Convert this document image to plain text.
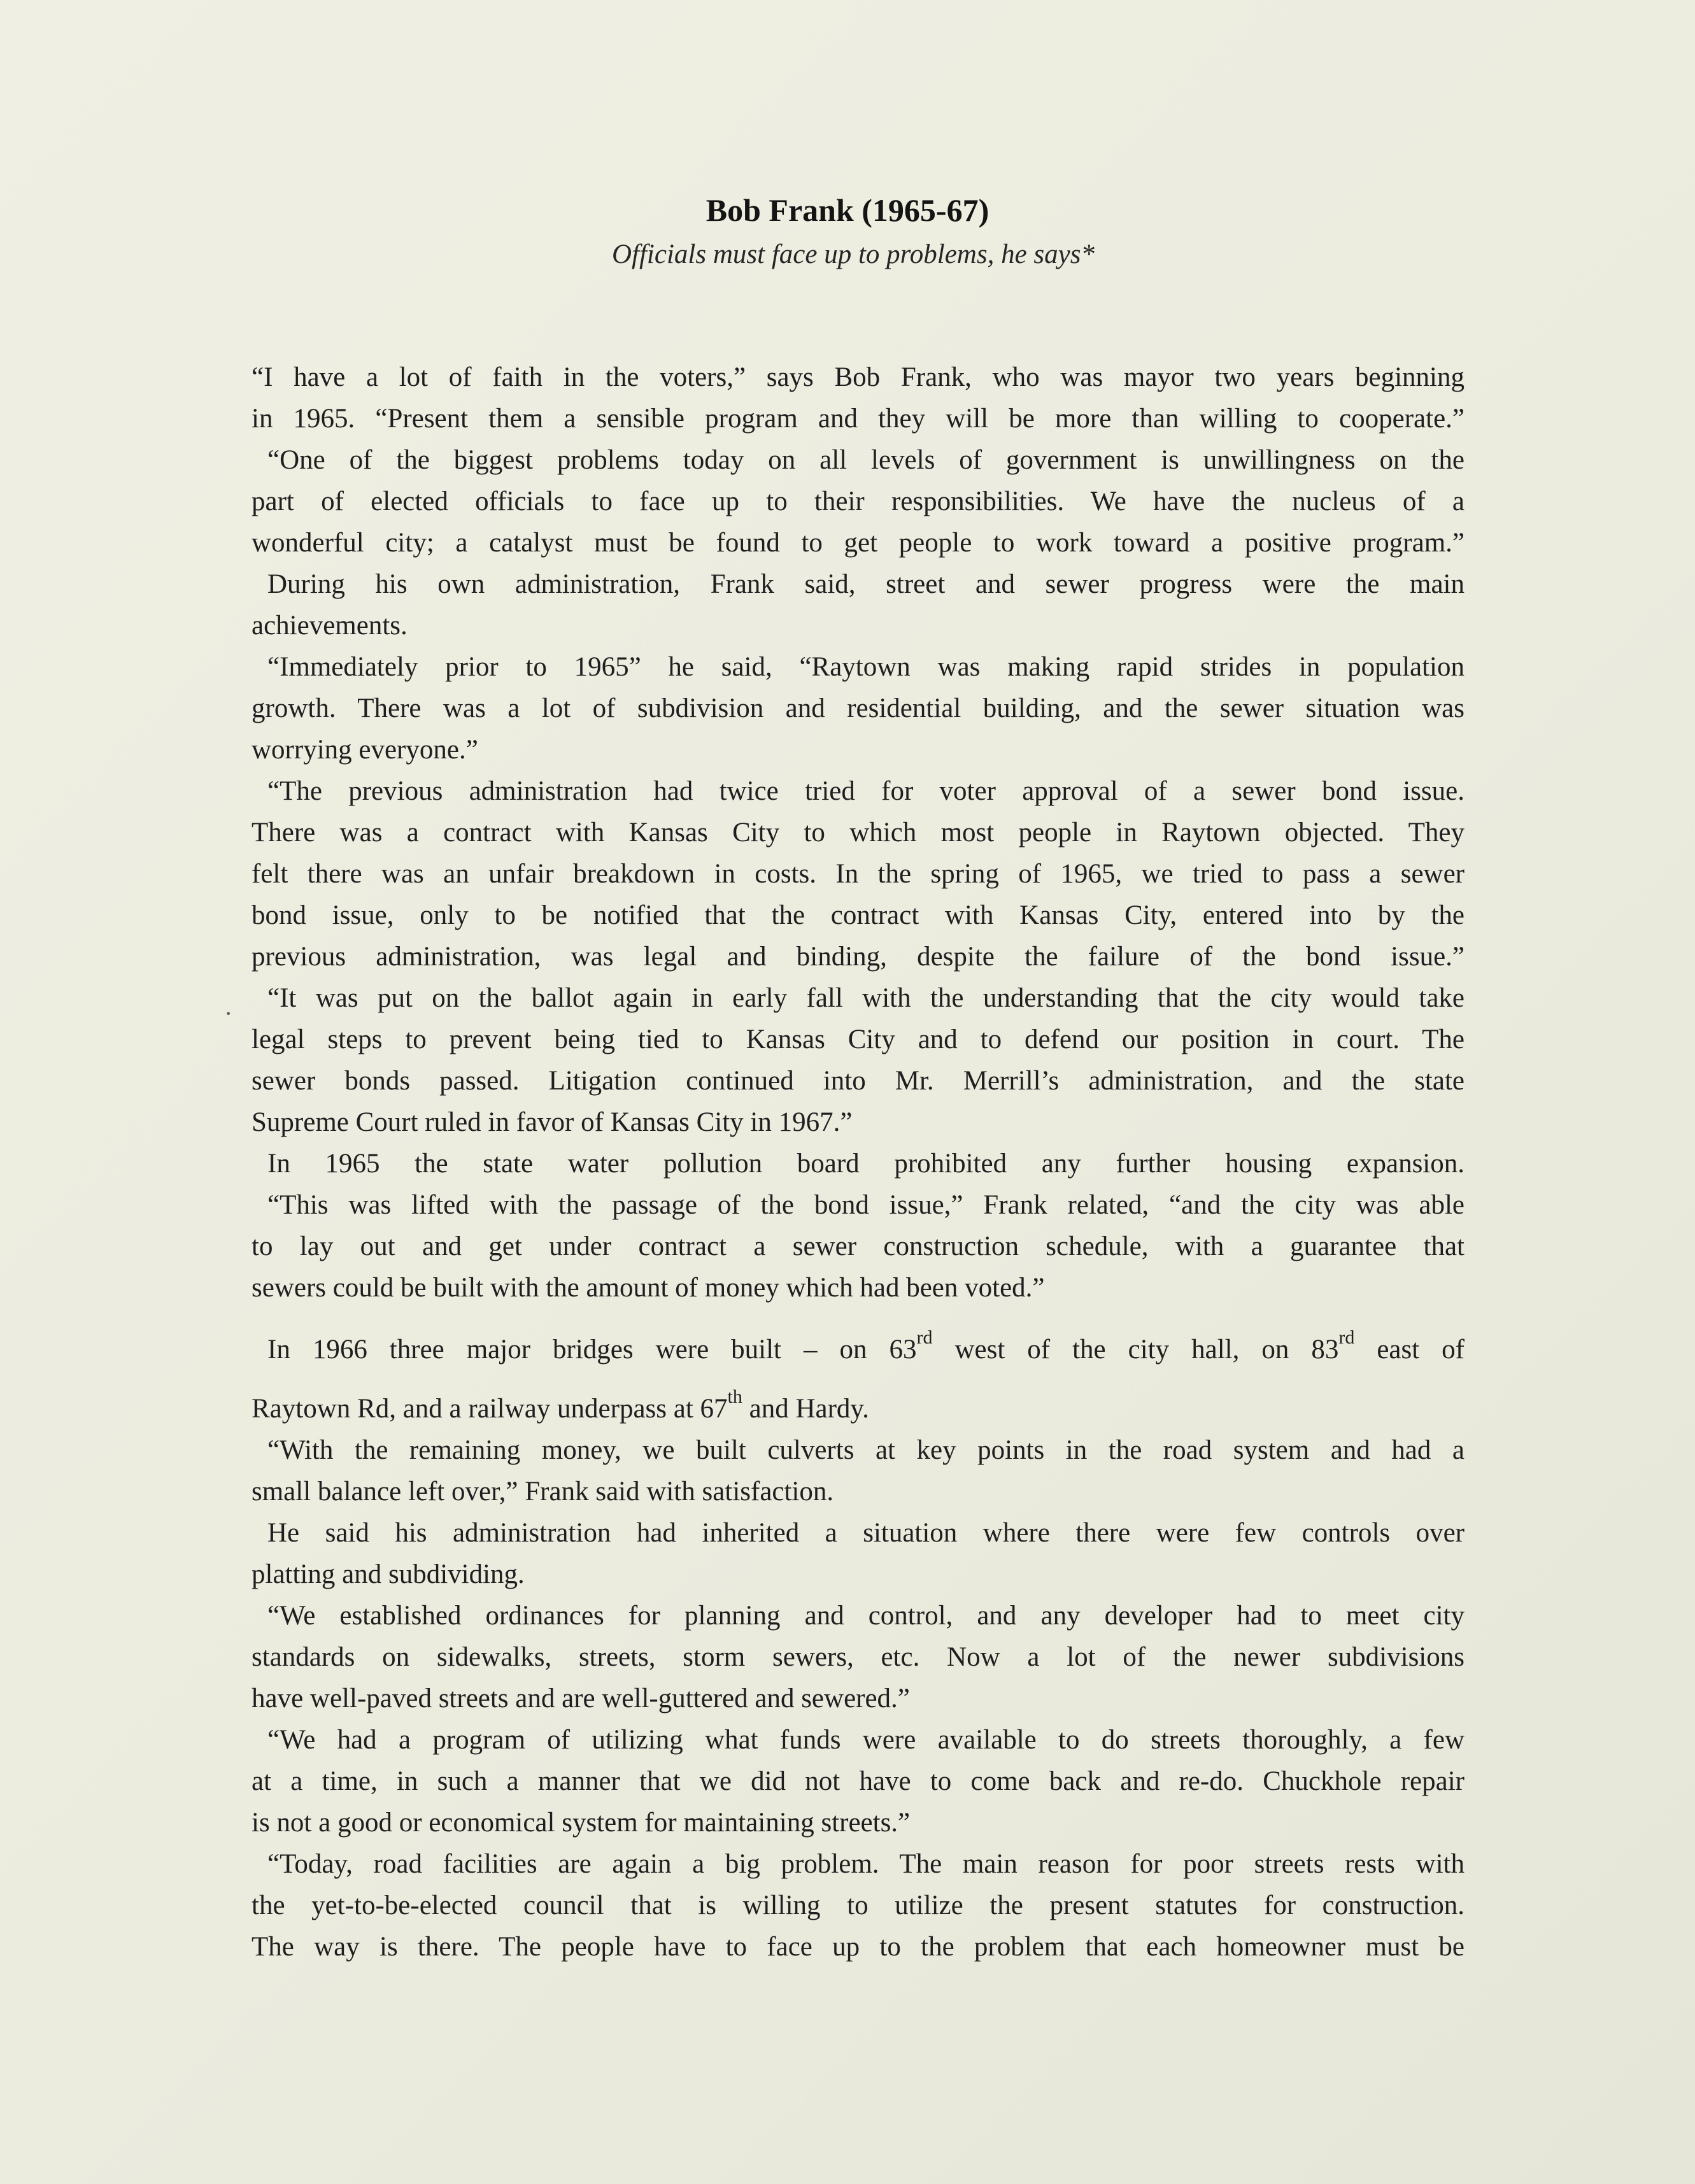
Bob Frank (1965-67)
Officials must face up to problems, he says*
·
“I have a lot of faith in the voters,” says Bob Frank, who was mayor two years beginning
in 1965. “Present them a sensible program and they will be more than willing to cooperate.”
“One of the biggest problems today on all levels of government is unwillingness on the
part of elected officials to face up to their responsibilities. We have the nucleus of a
wonderful city; a catalyst must be found to get people to work toward a positive program.”
During his own administration, Frank said, street and sewer progress were the main
achievements.
“Immediately prior to 1965” he said, “Raytown was making rapid strides in population
growth. There was a lot of subdivision and residential building, and the sewer situation was
worrying everyone.”
“The previous administration had twice tried for voter approval of a sewer bond issue.
There was a contract with Kansas City to which most people in Raytown objected. They
felt there was an unfair breakdown in costs. In the spring of 1965, we tried to pass a sewer
bond issue, only to be notified that the contract with Kansas City, entered into by the
previous administration, was legal and binding, despite the failure of the bond issue.”
“It was put on the ballot again in early fall with the understanding that the city would take
legal steps to prevent being tied to Kansas City and to defend our position in court. The
sewer bonds passed. Litigation continued into Mr. Merrill’s administration, and the state
Supreme Court ruled in favor of Kansas City in 1967.”
In 1965 the state water pollution board prohibited any further housing expansion.
“This was lifted with the passage of the bond issue,” Frank related, “and the city was able
to lay out and get under contract a sewer construction schedule, with a guarantee that
sewers could be built with the amount of money which had been voted.”
In 1966 three major bridges were built – on 63rd west of the city hall, on 83rd east of
Raytown Rd, and a railway underpass at 67th and Hardy.
“With the remaining money, we built culverts at key points in the road system and had a
small balance left over,” Frank said with satisfaction.
He said his administration had inherited a situation where there were few controls over
platting and subdividing.
“We established ordinances for planning and control, and any developer had to meet city
standards on sidewalks, streets, storm sewers, etc. Now a lot of the newer subdivisions
have well-paved streets and are well-guttered and sewered.”
“We had a program of utilizing what funds were available to do streets thoroughly, a few
at a time, in such a manner that we did not have to come back and re-do. Chuckhole repair
is not a good or economical system for maintaining streets.”
“Today, road facilities are again a big problem. The main reason for poor streets rests with
the yet-to-be-elected council that is willing to utilize the present statutes for construction.
The way is there. The people have to face up to the problem that each homeowner must be
